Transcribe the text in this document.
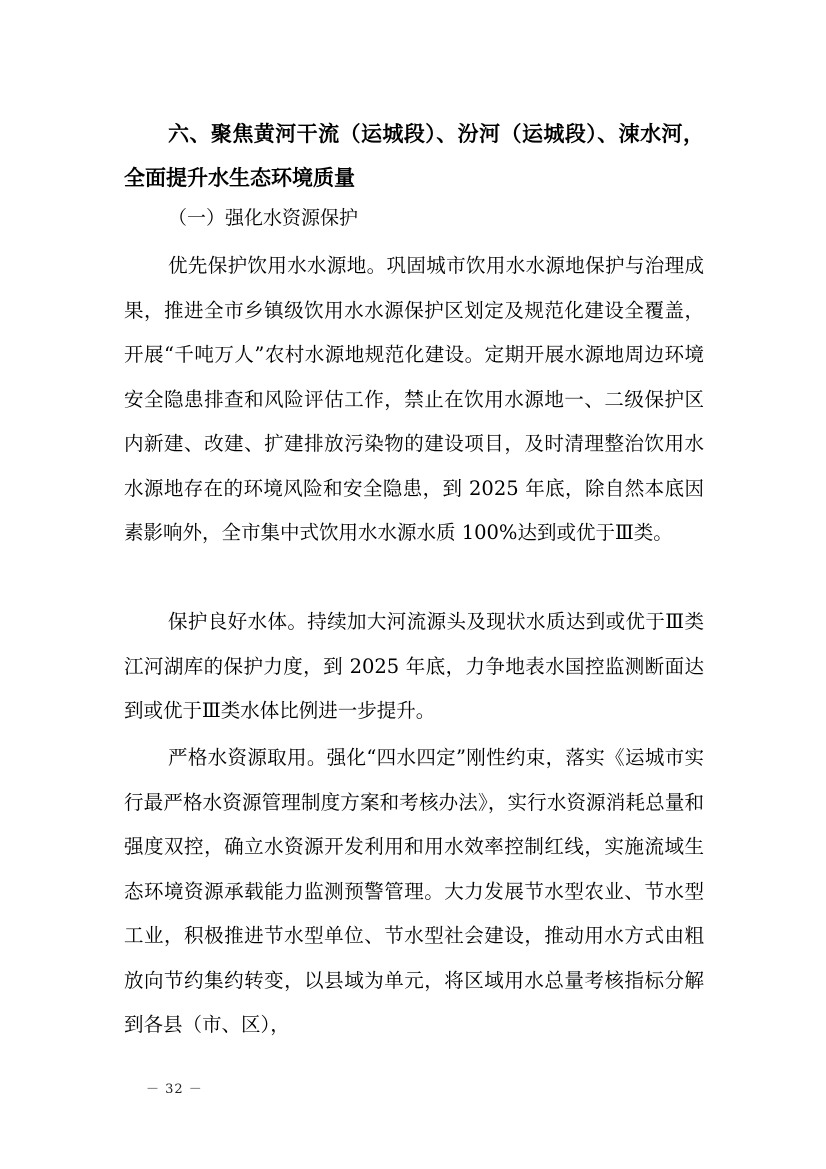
六、聚焦黄河干流（运城段）、汾河（运城段）、涑水河，全面提升水生态环境质量
（一）强化水资源保护

优先保护饮用水水源地。巩固城市饮用水水源地保护与治理成果，推进全市乡镇级饮用水水源保护区划定及规范化建设全覆盖，开展“千吨万人”农村水源地规范化建设。定期开展水源地周边环境安全隐患排查和风险评估工作，禁止在饮用水源地一、二级保护区内新建、改建、扩建排放污染物的建设项目，及时清理整治饮用水水源地存在的环境风险和安全隐患，到 2025 年底，除自然本底因素影响外，全市集中式饮用水水源水质 100%达到或优于Ⅲ类。

保护良好水体。持续加大河流源头及现状水质达到或优于Ⅲ类江河湖库的保护力度，到 2025 年底，力争地表水国控监测断面达到或优于Ⅲ类水体比例进一步提升。

严格水资源取用。强化“四水四定”刚性约束，落实《运城市实行最严格水资源管理制度方案和考核办法》，实行水资源消耗总量和强度双控，确立水资源开发利用和用水效率控制红线，实施流域生态环境资源承载能力监测预警管理。大力发展节水型农业、节水型工业，积极推进节水型单位、节水型社会建设，推动用水方式由粗放向节约集约转变，以县域为单元，将区域用水总量考核指标分解到各县（市、区），

－ 32 －
